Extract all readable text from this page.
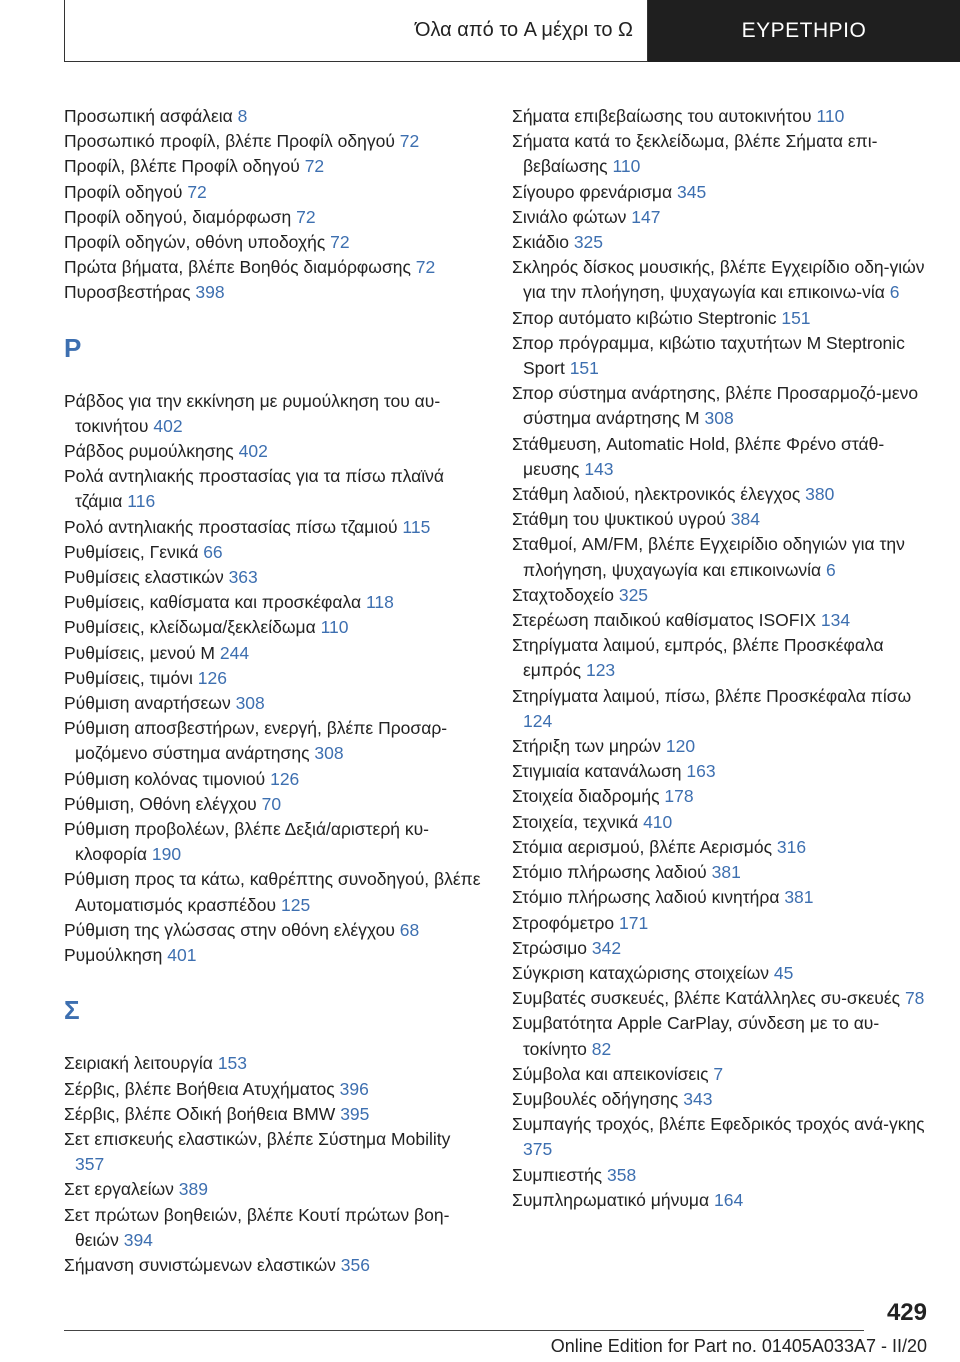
Όλα από το A μέχρι το Ω	ΕΥΡΕΤΗΡΙΟ
Προσωπική ασφάλεια 8
Προσωπικό προφίλ, βλέπε Προφίλ οδηγού 72
Προφίλ, βλέπε Προφίλ οδηγού 72
Προφίλ οδηγού 72
Προφίλ οδηγού, διαμόρφωση 72
Προφίλ οδηγών, οθόνη υποδοχής 72
Πρώτα βήματα, βλέπε Βοηθός διαμόρφωσης 72
Πυροσβεστήρας 398
Ρ
Ράβδος για την εκκίνηση με ρυμούλκηση του αυ-τοκινήτου 402
Ράβδος ρυμούλκησης 402
Ρολά αντηλιακής προστασίας για τα πίσω πλαϊνά τζάμια 116
Ρολό αντηλιακής προστασίας πίσω τζαμιού 115
Ρυθμίσεις, Γενικά 66
Ρυθμίσεις ελαστικών 363
Ρυθμίσεις, καθίσματα και προσκέφαλα 118
Ρυθμίσεις, κλείδωμα/ξεκλείδωμα 110
Ρυθμίσεις, μενού M 244
Ρυθμίσεις, τιμόνι 126
Ρύθμιση αναρτήσεων 308
Ρύθμιση αποσβεστήρων, ενεργή, βλέπε Προσαρ-μοζόμενο σύστημα ανάρτησης 308
Ρύθμιση κολόνας τιμονιού 126
Ρύθμιση, Οθόνη ελέγχου 70
Ρύθμιση προβολέων, βλέπε Δεξιά/αριστερή κυ-κλοφορία 190
Ρύθμιση προς τα κάτω, καθρέπτης συνοδηγού, βλέπε Αυτοματισμός κρασπέδου 125
Ρύθμιση της γλώσσας στην οθόνη ελέγχου 68
Ρυμούλκηση 401
Σ
Σειριακή λειτουργία 153
Σέρβις, βλέπε Βοήθεια Ατυχήματος 396
Σέρβις, βλέπε Οδική βοήθεια BMW 395
Σετ επισκευής ελαστικών, βλέπε Σύστημα Mobility 357
Σετ εργαλείων 389
Σετ πρώτων βοηθειών, βλέπε Κουτί πρώτων βοη-θειών 394
Σήμανση συνιστώμενων ελαστικών 356
Σήματα επιβεβαίωσης του αυτοκινήτου 110
Σήματα κατά το ξεκλείδωμα, βλέπε Σήματα επι-βεβαίωσης 110
Σίγουρο φρενάρισμα 345
Σινιάλο φώτων 147
Σκιάδιο 325
Σκληρός δίσκος μουσικής, βλέπε Εγχειρίδιο οδη-γιών για την πλοήγηση, ψυχαγωγία και επικοινω-νία 6
Σπορ αυτόματο κιβώτιο Steptronic 151
Σπορ πρόγραμμα, κιβώτιο ταχυτήτων M Steptronic Sport 151
Σπορ σύστημα ανάρτησης, βλέπε Προσαρμοζό-μενο σύστημα ανάρτησης M 308
Στάθμευση, Automatic Hold, βλέπε Φρένο στάθ-μευσης 143
Στάθμη λαδιού, ηλεκτρονικός έλεγχος 380
Στάθμη του ψυκτικού υγρού 384
Σταθμοί, AM/FM, βλέπε Εγχειρίδιο οδηγιών για την πλοήγηση, ψυχαγωγία και επικοινωνία 6
Σταχτοδοχείο 325
Στερέωση παιδικού καθίσματος ISOFIX 134
Στηρίγματα λαιμού, εμπρός, βλέπε Προσκέφαλα εμπρός 123
Στηρίγματα λαιμού, πίσω, βλέπε Προσκέφαλα πίσω 124
Στήριξη των μηρών 120
Στιγμιαία κατανάλωση 163
Στοιχεία διαδρομής 178
Στοιχεία, τεχνικά 410
Στόμια αερισμού, βλέπε Αερισμός 316
Στόμιο πλήρωσης λαδιού 381
Στόμιο πλήρωσης λαδιού κινητήρα 381
Στροφόμετρο 171
Στρώσιμο 342
Σύγκριση καταχώρισης στοιχείων 45
Συμβατές συσκευές, βλέπε Κατάλληλες συ-σκευές 78
Συμβατότητα Apple CarPlay, σύνδεση με το αυ-τοκίνητο 82
Σύμβολα και απεικονίσεις 7
Συμβουλές οδήγησης 343
Συμπαγής τροχός, βλέπε Εφεδρικός τροχός ανά-γκης 375
Συμπιεστής 358
Συμπληρωματικό μήνυμα 164
429
Online Edition for Part no. 01405A033A7 - II/20
